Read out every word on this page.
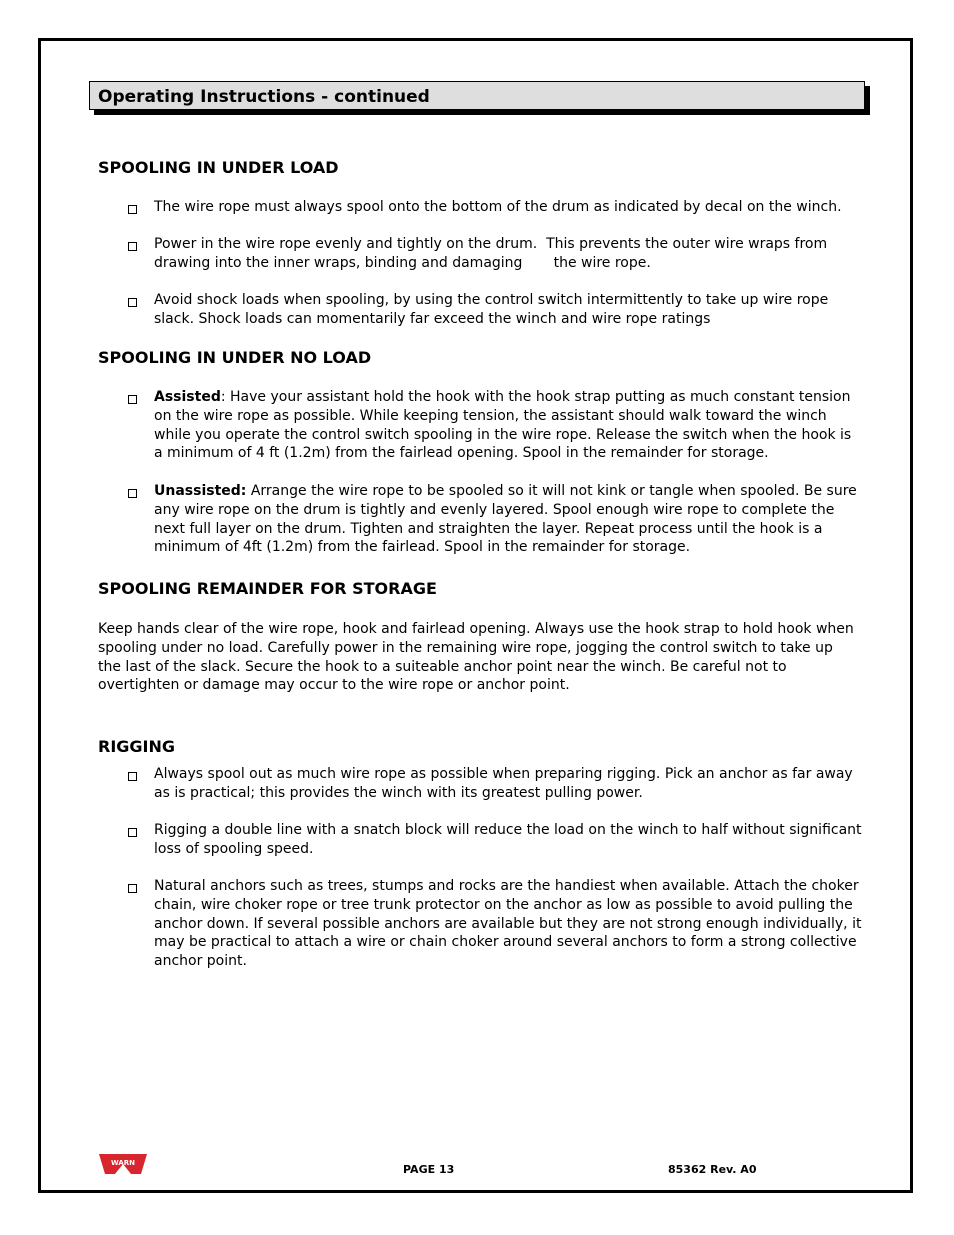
Operating Instructions - continued
SPOOLING IN UNDER LOAD
The wire rope must always spool onto the bottom of the drum as indicated by decal on the winch.
Power in the wire rope evenly and tightly on the drum.  This prevents the outer wire wraps from drawing into the inner wraps, binding and damaging       the wire rope.
Avoid shock loads when spooling, by using the control switch intermittently to take up wire rope slack. Shock loads can momentarily far exceed the winch and wire rope ratings
SPOOLING IN UNDER NO LOAD
Assisted: Have your assistant hold the hook with the hook strap putting as much constant tension on the wire rope as possible. While keeping tension, the assistant should walk toward the winch while you operate the control switch spooling in the wire rope. Release the switch when the hook is a minimum of 4 ft (1.2m) from the fairlead opening. Spool in the remainder for storage.
Unassisted: Arrange the wire rope to be spooled so it will not kink or tangle when spooled. Be sure any wire rope on the drum is tightly and evenly layered. Spool enough wire rope to complete the next full layer on the drum. Tighten and straighten the layer. Repeat process until the hook is a minimum of 4ft (1.2m) from the fairlead. Spool in the remainder for storage.
SPOOLING REMAINDER FOR STORAGE
Keep hands clear of the wire rope, hook and fairlead opening. Always use the hook strap to hold hook when spooling under no load. Carefully power in the remaining wire rope, jogging the control switch to take up the last of the slack. Secure the hook to a suiteable anchor point near the winch. Be careful not to overtighten or damage may occur to the wire rope or anchor point.
RIGGING
Always spool out as much wire rope as possible when preparing rigging. Pick an anchor as far away as is practical; this provides the winch with its greatest pulling power.
Rigging a double line with a snatch block will reduce the load on the winch to half without significant loss of spooling speed.
Natural anchors such as trees, stumps and rocks are the handiest when available. Attach the choker chain, wire choker rope or tree trunk protector on the anchor as low as possible to avoid pulling the anchor down. If several possible anchors are available but they are not strong enough individually, it may be practical to attach a wire or chain choker around several anchors to form a strong collective anchor point.
WARN	PAGE 13	85362 Rev. A0
